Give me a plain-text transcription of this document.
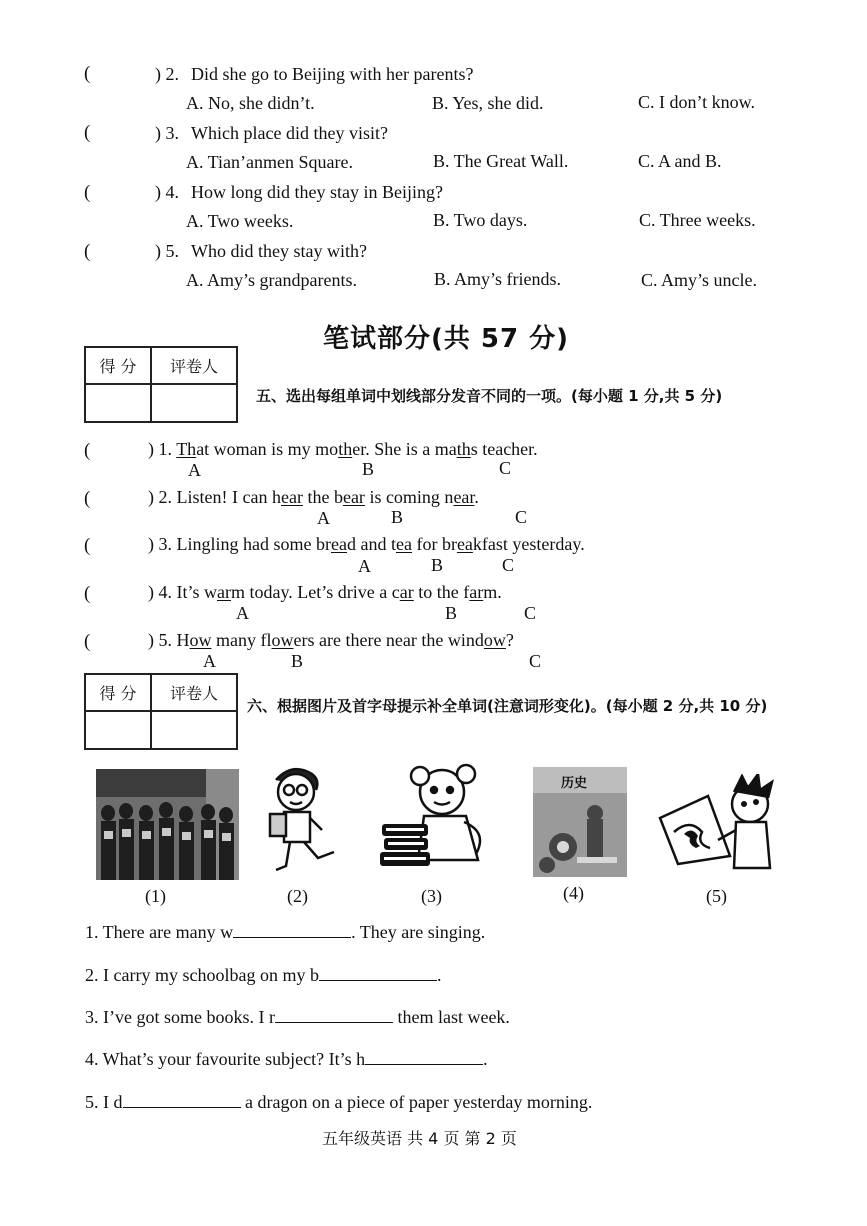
(	) 2. Did she go to Beijing with her parents?
A. No, she didn’t.	B. Yes, she did.	C. I don’t know.
(	) 3. Which place did they visit?
A. Tian’anmen Square.	B. The Great Wall.	C. A and B.
(	) 4. How long did they stay in Beijing?
A. Two weeks.	B. Two days.	C. Three weeks.
(	) 5. Who did they stay with?
A. Amy’s grandparents.	B. Amy’s friends.	C. Amy’s uncle.
笔试部分(共 57 分)
得 分	评卷人

五、选出每组单词中划线部分发音不同的一项。(每小题 1 分,共 5 分)
(	) 1. That woman is my mother. She is a maths teacher.
A	B	C
(	) 2. Listen! I can hear the bear is coming near.
A	B	C
(	) 3. Lingling had some bread and tea for breakfast yesterday.
A	B	C
(	) 4. It’s warm today. Let’s drive a car to the farm.
A	B	C
(	) 5. How many flowers are there near the window?
A	B	C
得 分	评卷人

六、根据图片及首字母提示补全单词(注意词形变化)。(每小题 2 分,共 10 分)
历史
(1)	(2)	(3)	(4)	(5)
1. There are many w	. They are singing.
2. I carry my schoolbag on my b	.
3. I’ve got some books. I r	them last week.
4. What’s your favourite subject? It’s h	.
5. I d	a dragon on a piece of paper yesterday morning.
五年级英语 共 4 页 第 2 页
